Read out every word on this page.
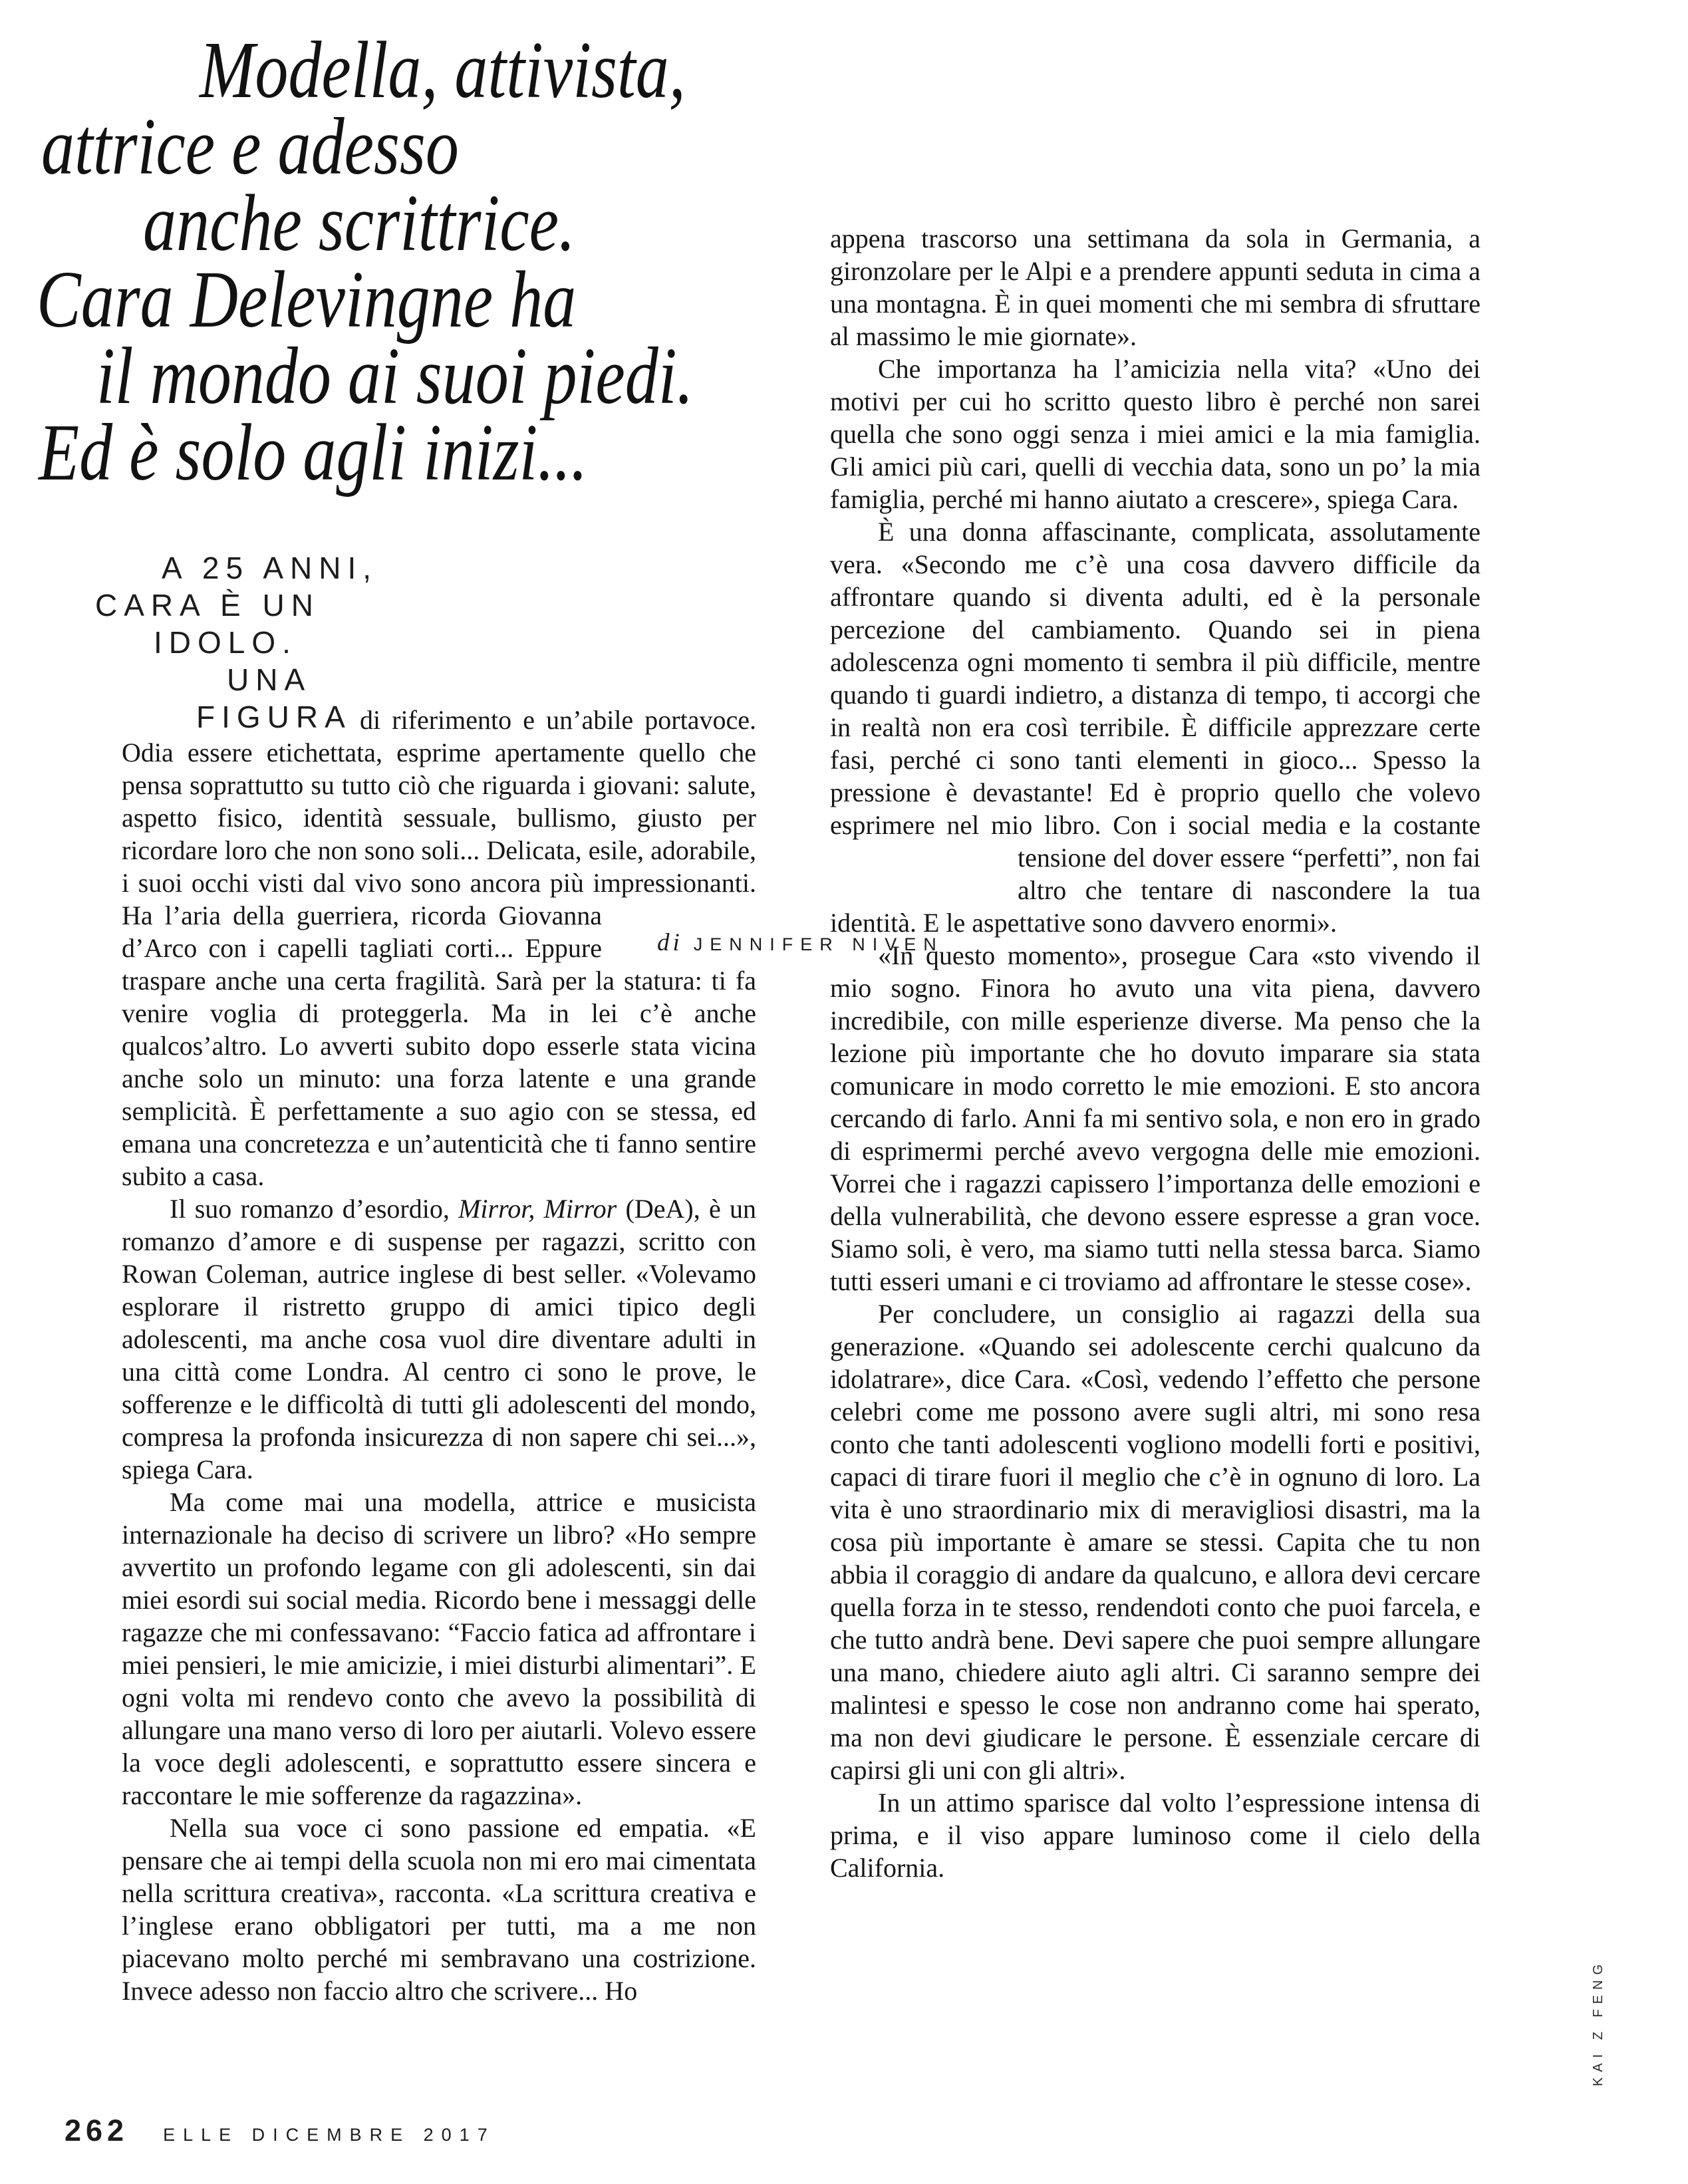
Modella, attivista,
attrice e adesso
anche scrittrice.
Cara Delevingne ha
il mondo ai suoi piedi.
Ed è solo agli inizi...
A 25 ANNI,
CARA È UN
IDOLO.
UNA
FIGURA
di JENNIFER NIVEN

di riferimento e un’abile portavoce. Odia essere etichettata, esprime apertamente quello che pensa soprattutto su tutto ciò che riguarda i giovani: salute, aspetto fisico, identità sessuale, bullismo, giusto per ricordare loro che non sono soli... Delicata, esile, adorabile, i suoi occhi visti dal vivo sono ancora più impressionanti. Ha l’aria della guerriera, ricorda
Giovanna d’Arco con i capelli tagliati corti... Eppure traspare anche una certa fragilità. Sarà per la statura: ti fa venire voglia di proteggerla. Ma in lei c’è anche qualcos’altro. Lo avverti subito dopo esserle stata vicina anche solo un minuto: una forza latente e una grande semplicità. È perfettamente a suo agio con se stessa, ed emana una concretezza e un’autenticità che ti fanno sentire subito a casa.

Il suo romanzo d’esordio, Mirror, Mirror (DeA), è un romanzo d’amore e di suspense per ragazzi, scritto con Rowan Coleman, autrice inglese di best seller. «Volevamo esplorare il ristretto gruppo di amici tipico degli adolescenti, ma anche cosa vuol dire diventare adulti in una città come Londra. Al centro ci sono le prove, le sofferenze e le difficoltà di tutti gli adolescenti del mondo, compresa la profonda insicurezza di non sapere chi sei...», spiega Cara.

Ma come mai una modella, attrice e musicista internazionale ha deciso di scrivere un libro? «Ho sempre avvertito un profondo legame con gli adolescenti, sin dai miei esordi sui social media. Ricordo bene i messaggi delle ragazze che mi confessavano: “Faccio fatica ad affrontare i miei pensieri, le mie amicizie, i miei disturbi alimentari”. E ogni volta mi rendevo conto che avevo la possibilità di allungare una mano verso di loro per aiutarli. Volevo essere la voce degli adolescenti, e soprattutto essere sincera e raccontare le mie sofferenze da ragazzina».

Nella sua voce ci sono passione ed empatia. «E pensare che ai tempi della scuola non mi ero mai cimentata nella scrittura creativa», racconta. «La scrittura creativa e l’inglese erano obbligatori per tutti, ma a me non piacevano molto perché mi sembravano una costrizione. Invece adesso non faccio altro che scrivere... Ho

appena trascorso una settimana da sola in Germania, a gironzolare per le Alpi e a prendere appunti seduta in cima a una montagna. È in quei momenti che mi sembra di sfruttare al massimo le mie giornate».

Che importanza ha l’amicizia nella vita? «Uno dei motivi per cui ho scritto questo libro è perché non sarei quella che sono oggi senza i miei amici e la mia famiglia. Gli amici più cari, quelli di vecchia data, sono un po’ la mia famiglia, perché mi hanno aiutato a crescere», spiega Cara.

È una donna affascinante, complicata, assolutamente vera. «Secondo me c’è una cosa davvero difficile da affrontare quando si diventa adulti, ed è la personale percezione del cambiamento. Quando sei in piena adolescenza ogni momento ti sembra il più difficile, mentre quando ti guardi indietro, a distanza di tempo, ti accorgi che in realtà non era così terribile. È difficile apprezzare certe fasi, perché ci sono tanti elementi in gioco... Spesso la pressione è devastante! Ed è proprio quello che volevo esprimere nel mio libro. Con i social media e la costante tensione del dover essere “perfetti”,
non fai altro che tentare di nascondere la tua identità. E le aspettative sono davvero enormi».

«In questo momento», prosegue Cara «sto vivendo il mio sogno. Finora ho avuto una vita piena, davvero incredibile, con mille esperienze diverse. Ma penso che la lezione più importante che ho dovuto imparare sia stata comunicare in modo corretto le mie emozioni. E sto ancora cercando di farlo. Anni fa mi sentivo sola, e non ero in grado di esprimermi perché avevo vergogna delle mie emozioni. Vorrei che i ragazzi capissero l’importanza delle emozioni e della vulnerabilità, che devono essere espresse a gran voce. Siamo soli, è vero, ma siamo tutti nella stessa barca. Siamo tutti esseri umani e ci troviamo ad affrontare le stesse cose».

Per concludere, un consiglio ai ragazzi della sua generazione. «Quando sei adolescente cerchi qualcuno da idolatrare», dice Cara. «Così, vedendo l’effetto che persone celebri come me possono avere sugli altri, mi sono resa conto che tanti adolescenti vogliono modelli forti e positivi, capaci di tirare fuori il meglio che c’è in ognuno di loro. La vita è uno straordinario mix di meravigliosi disastri, ma la cosa più importante è amare se stessi. Capita che tu non abbia il coraggio di andare da qualcuno, e allora devi cercare quella forza in te stesso, rendendoti conto che puoi farcela, e che tutto andrà bene. Devi sapere che puoi sempre allungare una mano, chiedere aiuto agli altri. Ci saranno sempre dei malintesi e spesso le cose non andranno come hai sperato, ma non devi giudicare le persone. È essenziale cercare di capirsi gli uni con gli altri».

In un attimo sparisce dal volto l’espressione intensa di prima, e il viso appare luminoso come il cielo della California.

262 ELLE DICEMBRE 2017
KAI Z FENG
